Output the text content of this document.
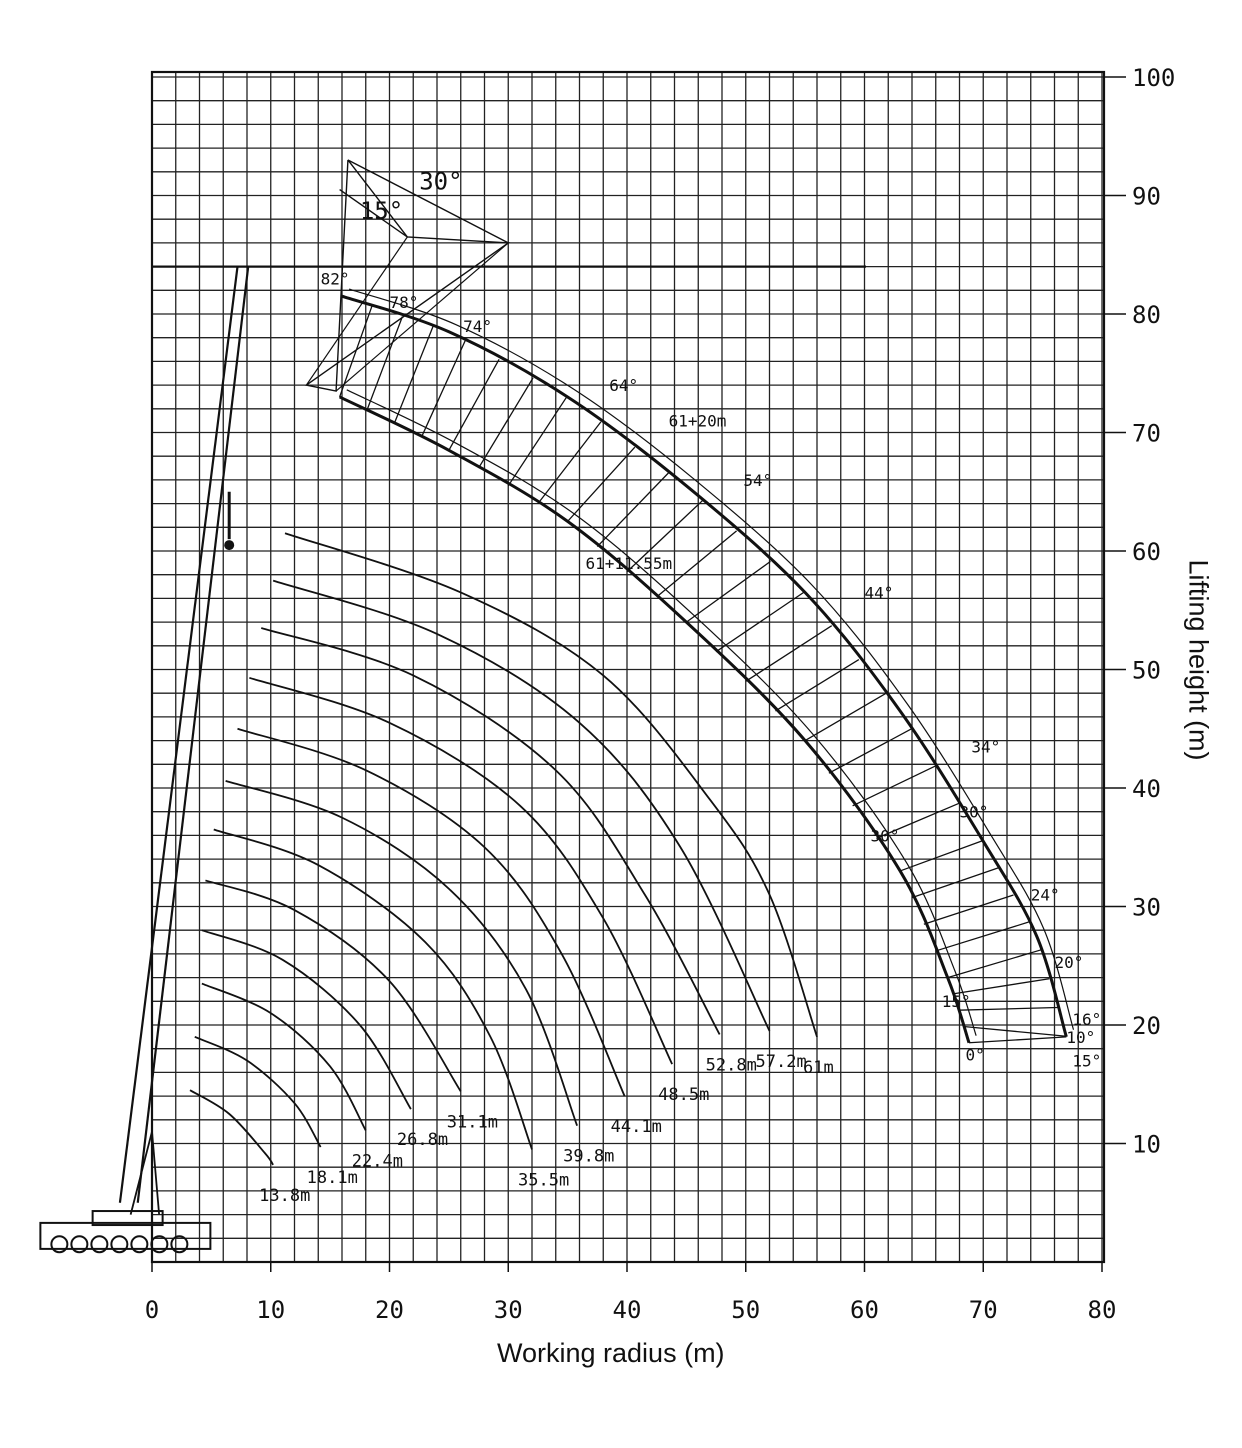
0	10	20	30	40	50	60	70	80
10
20
30
40
50
60
70
80
90
100
13.8m
18.1m
22.4m
26.8m
31.1m
35.5m
39.8m
44.1m
48.5m
52.8m
57.2m
61m
82°
78°
74°
64°
54°
44°
34°
30°
30°
24°
20°
16°
15°
15°
10°
0°
15°
30°
61+11.55m
61+20m
Working radius (m)
Lifting height (m)
